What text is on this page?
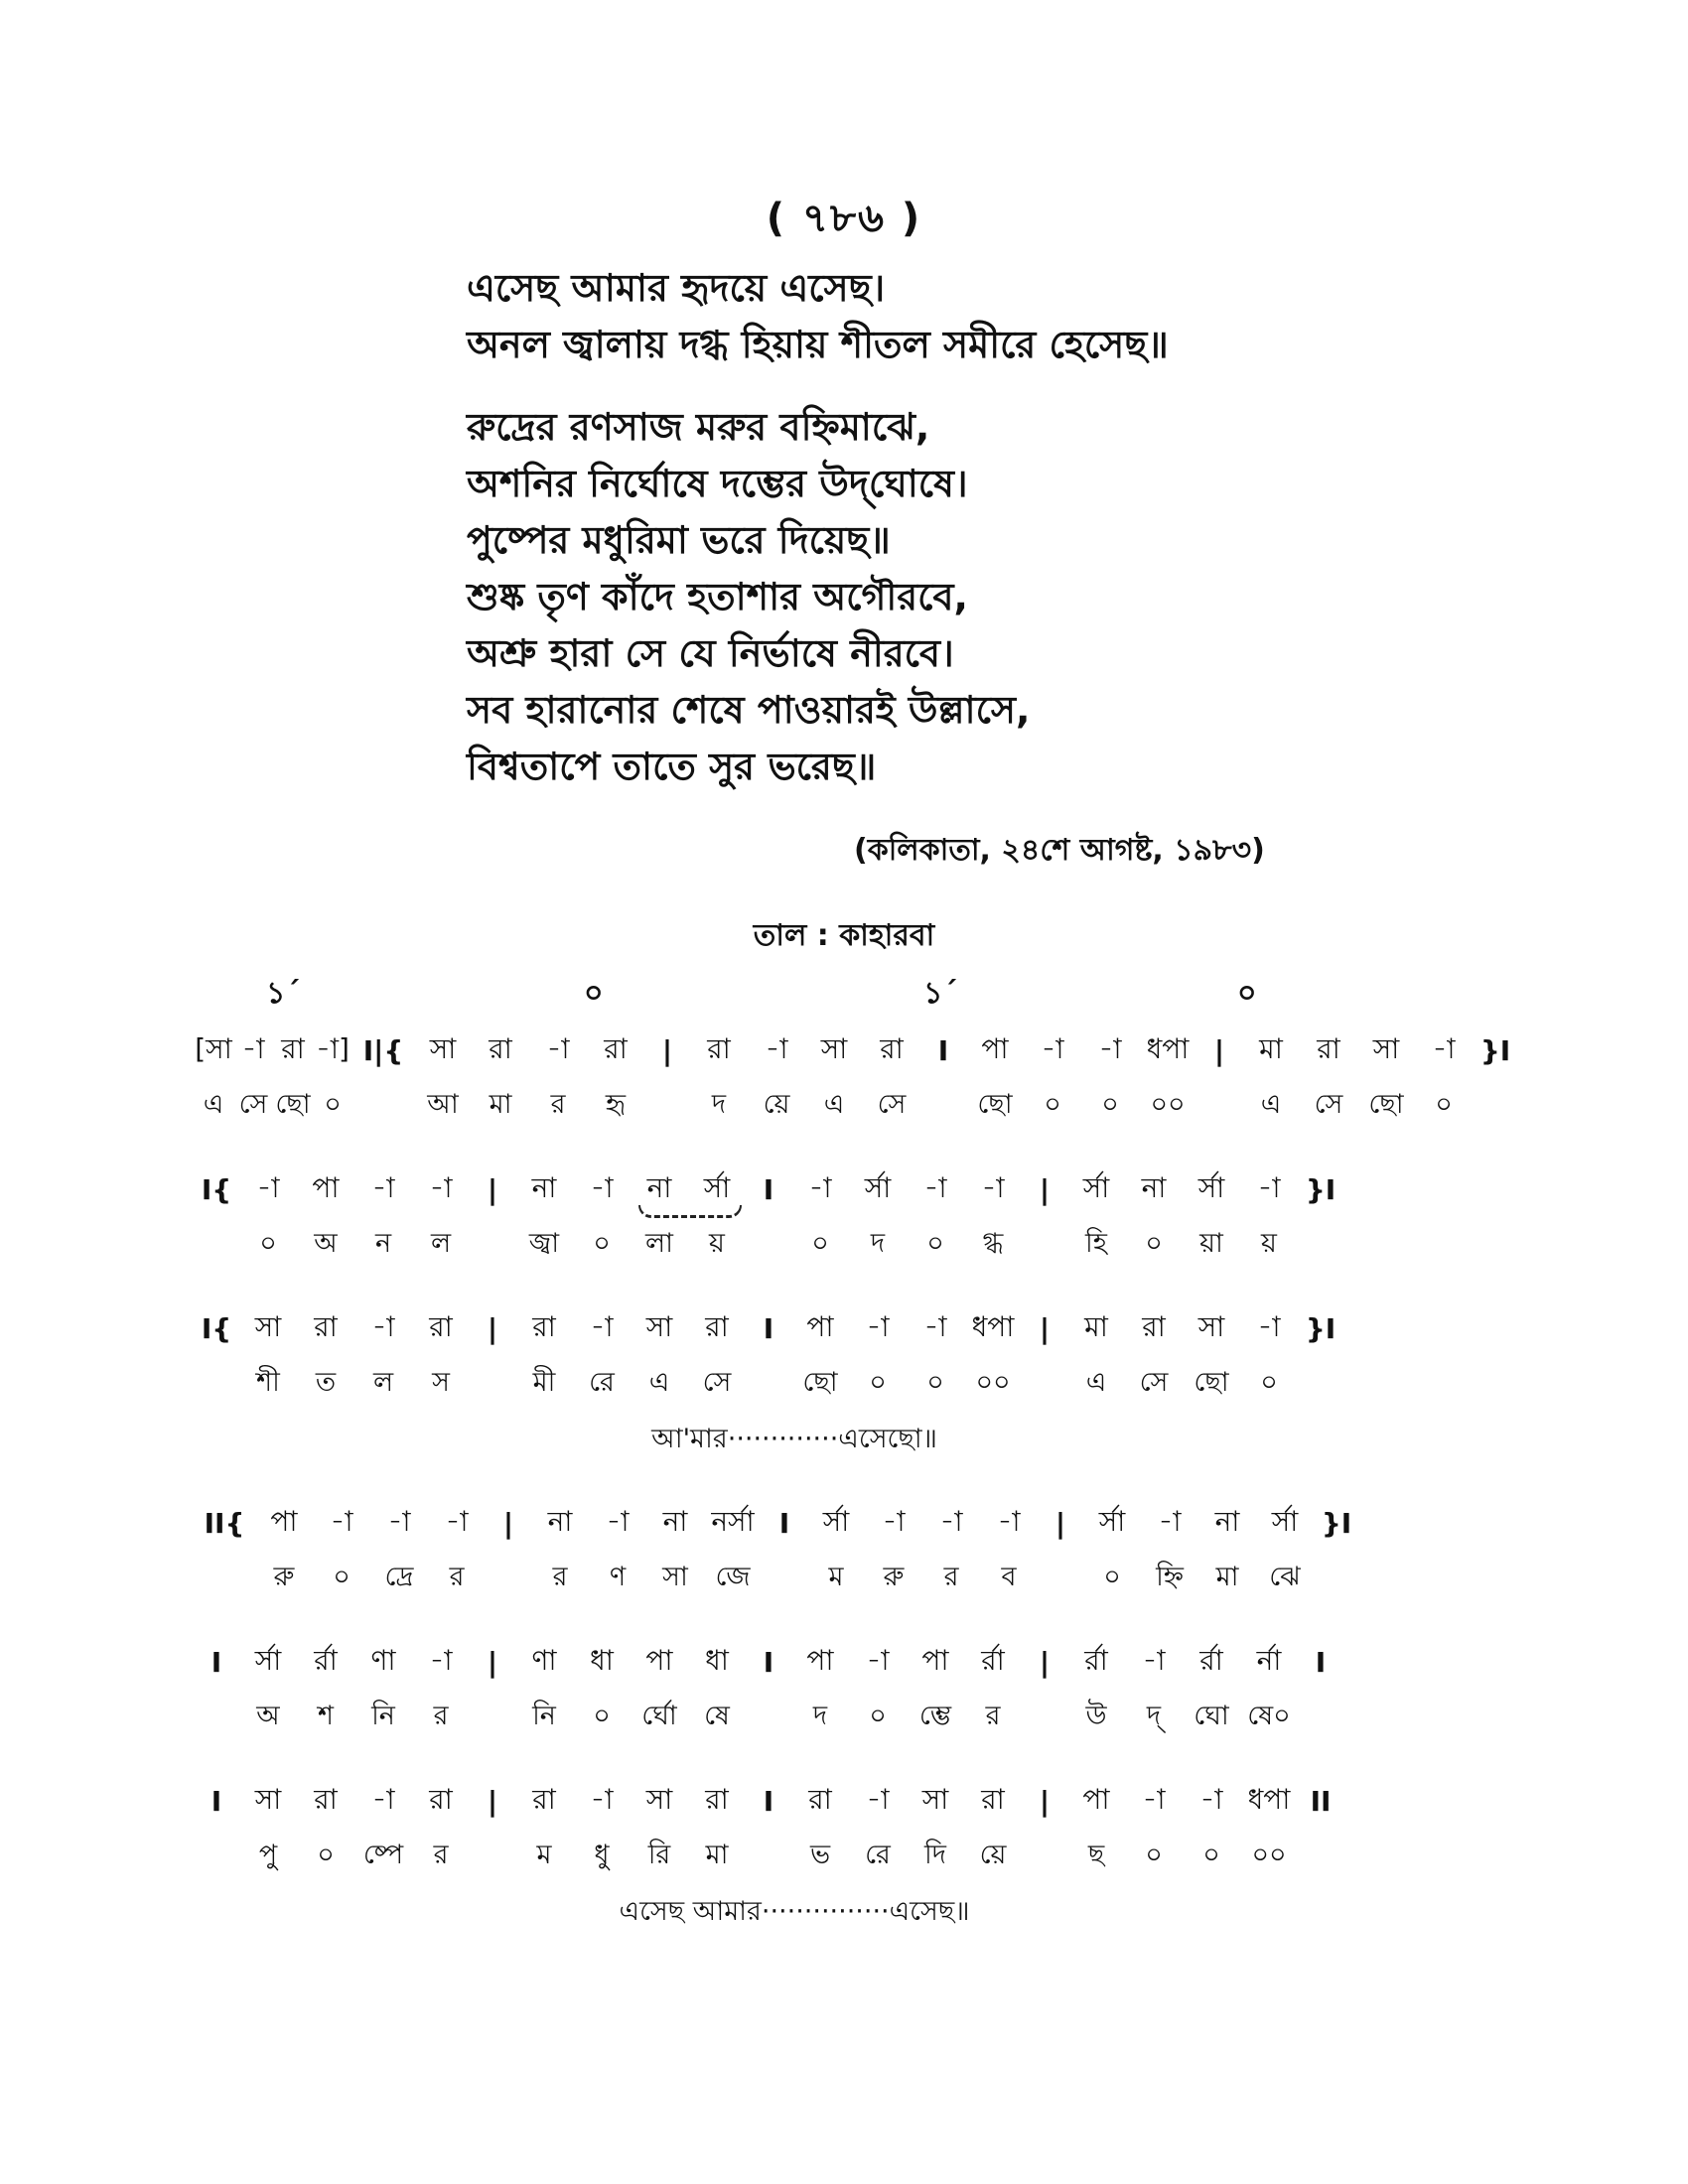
( ৭৮৬ )
এসেছ আমার হৃদয়ে এসেছ।
অনল জ্বালায় দগ্ধ হিয়ায় শীতল সমীরে হেসেছ॥
রুদ্রের রণসাজ মরুর বহ্নিমাঝে,
অশনির নির্ঘোষে দম্ভের উদ্‌ঘোষে।
পুষ্পের মধুরিমা ভরে দিয়েছ॥
শুষ্ক তৃণ কাঁদে হতাশার অগৌরবে,
অশ্রু হারা সে যে নির্ভাষে নীরবে।
সব হারানোর শেষে পাওয়ারই উল্লাসে,
বিশ্বতাপে তাতে সুর ভরেছ॥
(কলিকাতা, ২৪শে আগষ্ট, ১৯৮৩)
তাল : কাহারবা
১´	০	১´	০
[সা -া রা -া] I|{ সা	রা	-া	রা	|	রা	-া	সা	রা	I	পা	-া	-া ধপা |	মা	রা	সা	-া }I
এ সে ছো ০	আ	মা	র	হৃ	দ	য়ে	এ	সে	ছো	০	০	০০	এ	সে ছো	০
I{ -া	পা	-া	-া	|	না	-া	না	র্সা	I	-া	র্সা	-া	-া	|	র্সা	না	র্সা	-া }I
০	অ	ন	ল	জ্বা	০	লা	য়	০	দ	০	গ্ধ	হি	০	য়া	য়
I{ সা	রা	-া	রা	|	রা	-া	সা	রা	I	পা	-া	-া ধপা |	মা	রা	সা	-া }I
শী	ত	ল	স	মী	রে	এ	সে	ছো	০	০	০০	এ	সে ছো	০
আ'মার·············এসেছো॥
II{ পা	-া	-া	-া	|	না	-া	না নর্সা I	র্সা	-া	-া	-া	|	র্সা	-া	না	র্সা }I
রু	০	দ্রে	র	র	ণ	সা	জে	ম	রু	র	ব	০	হ্নি	মা	ঝে
I	র্সা	র্রা	ণা	-া	|	ণা	ধা	পা	ধা	I	পা	-া	পা	র্রা	|	র্রা	-া	র্রা	র্না	I
অ	শ	নি	র	নি	০	র্ঘো	ষে	দ	০	ম্ভে	র	উ	দ্	ঘো ষে০
I	সা	রা	-া	রা	|	রা	-া	সা	রা	I	রা	-া	সা	রা	|	পা	-া	-া ধপা II
পু	০	ষ্পে	র	ম	ধু	রি	মা	ভ	রে	দি	য়ে	ছ	০	০	০০
এসেছ আমার···············এসেছ॥
